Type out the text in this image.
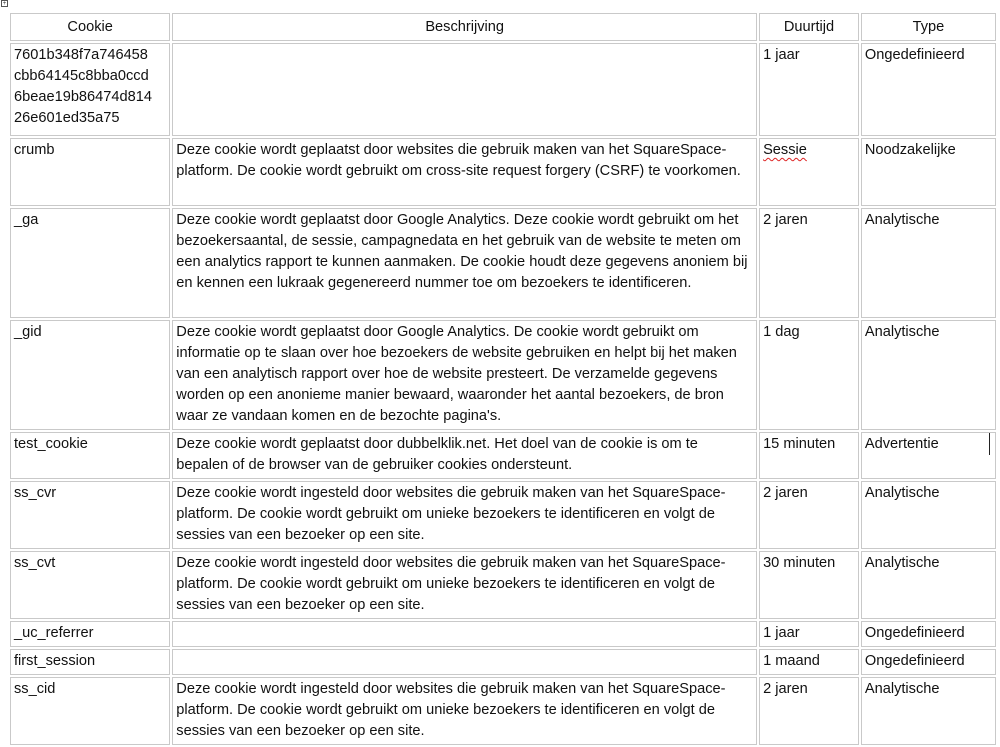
+
Cookie	Beschrijving	Duurtijd	Type

7601b348f7a746458
cbb64145c8bba0ccd
6beae19b86474d814
26e601ed35a75		1 jaar	Ongedefinieerd
crumb	Deze cookie wordt geplaatst door websites die gebruik maken van het SquareSpace-platform. De cookie wordt gebruikt om cross-site request forgery (CSRF) te voorkomen.	Sessie	Noodzakelijke
_ga	Deze cookie wordt geplaatst door Google Analytics. Deze cookie wordt gebruikt om het bezoekersaantal, de sessie, campagnedata en het gebruik van de website te meten om een analytics rapport te kunnen aanmaken. De cookie houdt deze gegevens anoniem bij en kennen een lukraak gegenereerd nummer toe om bezoekers te identificeren.	2 jaren	Analytische
_gid	Deze cookie wordt geplaatst door Google Analytics. De cookie wordt gebruikt om informatie op te slaan over hoe bezoekers de website gebruiken en helpt bij het maken van een analytisch rapport over hoe de website presteert. De verzamelde gegevens worden op een anonieme manier bewaard, waaronder het aantal bezoekers, de bron waar ze vandaan komen en de bezochte pagina's.	1 dag	Analytische
test_cookie	Deze cookie wordt geplaatst door dubbelklik.net. Het doel van de cookie is om te bepalen of de browser van de gebruiker cookies ondersteunt.	15 minuten	Advertentie
ss_cvr	Deze cookie wordt ingesteld door websites die gebruik maken van het SquareSpace-platform. De cookie wordt gebruikt om unieke bezoekers te identificeren en volgt de sessies van een bezoeker op een site.	2 jaren	Analytische
ss_cvt	Deze cookie wordt ingesteld door websites die gebruik maken van het SquareSpace-platform. De cookie wordt gebruikt om unieke bezoekers te identificeren en volgt de sessies van een bezoeker op een site.	30 minuten	Analytische
_uc_referrer		1 jaar	Ongedefinieerd
first_session		1 maand	Ongedefinieerd
ss_cid	Deze cookie wordt ingesteld door websites die gebruik maken van het SquareSpace-platform. De cookie wordt gebruikt om unieke bezoekers te identificeren en volgt de sessies van een bezoeker op een site.	2 jaren	Analytische
